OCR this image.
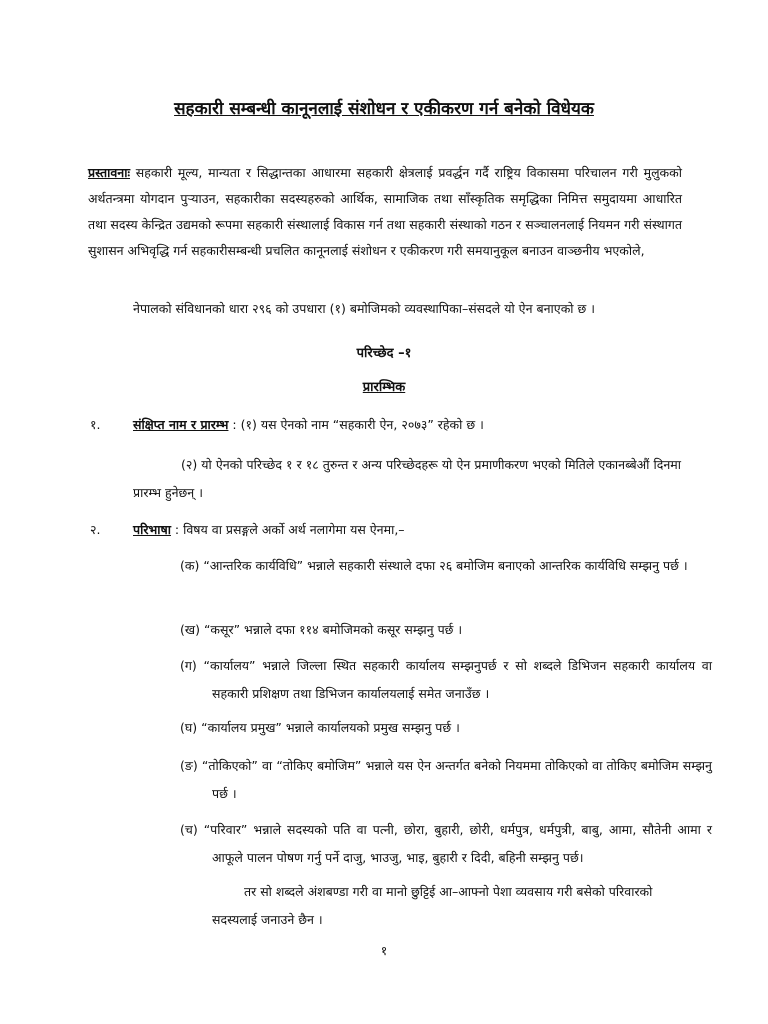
सहकारी सम्बन्धी कानूनलाई संशोधन र एकीकरण गर्न बनेको विधेयक
प्रस्तावनाः सहकारी मूल्य, मान्यता र सिद्धान्तका आधारमा सहकारी क्षेत्रलाई प्रवर्द्धन गर्दै राष्ट्रिय विकासमा परिचालन गरी मुलुकको अर्थतन्त्रमा योगदान पुऱ्याउन, सहकारीका सदस्यहरुको आर्थिक, सामाजिक तथा साँस्कृतिक समृद्धिका निमित्त समुदायमा आधारित तथा सदस्य केन्द्रित उद्यमको रूपमा सहकारी संस्थालाई विकास गर्न तथा सहकारी संस्थाको गठन र सञ्चालनलाई नियमन गरी संस्थागत सुशासन अभिवृद्धि गर्न सहकारीसम्बन्धी प्रचलित कानूनलाई संशोधन र एकीकरण गरी समयानुकूल बनाउन वाञ्छनीय भएकोले,
नेपालको संविधानको धारा २९६ को उपधारा (१) बमोजिमको व्यवस्थापिका–संसदले यो ऐन बनाएको छ ।
परिच्छेद –१
प्रारम्भिक
१.	संक्षिप्त नाम र प्रारम्भ : (१) यस ऐनको नाम “सहकारी ऐन, २०७३” रहेको छ ।
(२) यो ऐनको परिच्छेद १ र १८ तुरुन्त र अन्य परिच्छेदहरू यो ऐन प्रमाणीकरण भएको मितिले एकानब्बेऔं दिनमा प्रारम्भ हुनेछन् ।
२.	परिभाषा : विषय वा प्रसङ्गले अर्को अर्थ नलागेमा यस ऐनमा,–
(क) “आन्तरिक कार्यविधि” भन्नाले सहकारी संस्थाले दफा २६ बमोजिम बनाएको आन्तरिक कार्यविधि सम्झनु पर्छ ।
(ख) “कसूर” भन्नाले दफा ११४ बमोजिमको कसूर सम्झनु पर्छ ।
(ग) “कार्यालय” भन्नाले जिल्ला स्थित सहकारी कार्यालय सम्झनुपर्छ र सो शब्दले डिभिजन सहकारी कार्यालय वा सहकारी प्रशिक्षण तथा डिभिजन कार्यालयलाई समेत जनाउँछ ।
(घ) “कार्यालय प्रमुख” भन्नाले कार्यालयको प्रमुख सम्झनु पर्छ ।
(ङ) “तोकिएको” वा “तोकिए बमोजिम” भन्नाले यस ऐन अन्तर्गत बनेको नियममा तोकिएको वा तोकिए बमोजिम सम्झनु पर्छ ।
(च) “परिवार” भन्नाले सदस्यको पति वा पत्नी, छोरा, बुहारी, छोरी, धर्मपुत्र, धर्मपुत्री, बाबु, आमा, सौतेनी आमा र आफूले पालन पोषण गर्नु पर्ने दाजु, भाउजु, भाइ, बुहारी र दिदी, बहिनी सम्झनु पर्छ।
तर सो शब्दले अंशबण्डा गरी वा मानो छुट्टिई आ–आफ्नो पेशा व्यवसाय गरी बसेको परिवारको सदस्यलाई जनाउने छैन ।
१
